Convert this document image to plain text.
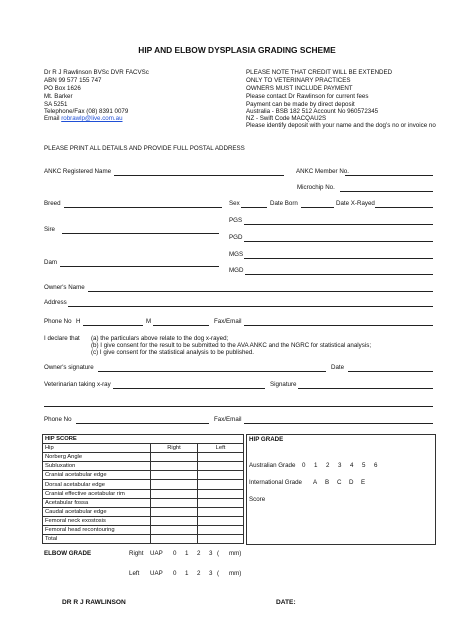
HIP AND ELBOW DYSPLASIA GRADING SCHEME
Dr R J Rawlinson BVSc DVR FACVSc
ABN 99 577 155 747
PO Box 1626
Mt. Barker
SA 5251
Telephone/Fax (08) 8391 0079
Email robrawlp@live.com.au
PLEASE NOTE THAT CREDIT WILL BE EXTENDED
ONLY TO VETERINARY PRACTICES
OWNERS MUST INCLUDE PAYMENT
Please contact Dr Rawlinson for current fees
Payment can be made by direct deposit
Australia - BSB 182 512 Account No 960572345
NZ - Swift Code MACQAU2S
Please identify deposit with your name and the dog’s no or invoice no
PLEASE PRINT ALL DETAILS AND PROVIDE FULL POSTAL ADDRESS
ANKC Registered Name	ANKC Member No.
Microchip No.
Breed	Sex	Date Born	Date X-Rayed
PGS
Sire
PGD
MGS
Dam
MGD
Owner's Name
Address
Phone No H	M	Fax/Email
I declare that (a) the particulars above relate to the dog x-rayed;
(b) I give consent for the result to be submitted to the AVA ANKC and the NGRC for statistical analysis;
(c) I give consent for the statistical analysis to be published.
Owner's signature	Date
Veterinarian taking x-ray	Signature
Phone No	Fax/Email
HIP SCORE		
Hip	Right	Left
Norberg Angle		
Subluxation		
Cranial acetabular edge		
Dorsal acetabular edge		
Cranial effective acetabular rim		
Acetabular fossa		
Caudal acetabular edge		
Femoral neck exostosis		
Femoral head recontouring		
Total		
HIP GRADE
Australian Grade 0 1 2 3 4 5 6
International Grade A B C D E
Score
ELBOW GRADE	Right UAP 0 1 2 3 ( mm)
Left UAP 0 1 2 3 ( mm)
DR R J RAWLINSON	DATE:
